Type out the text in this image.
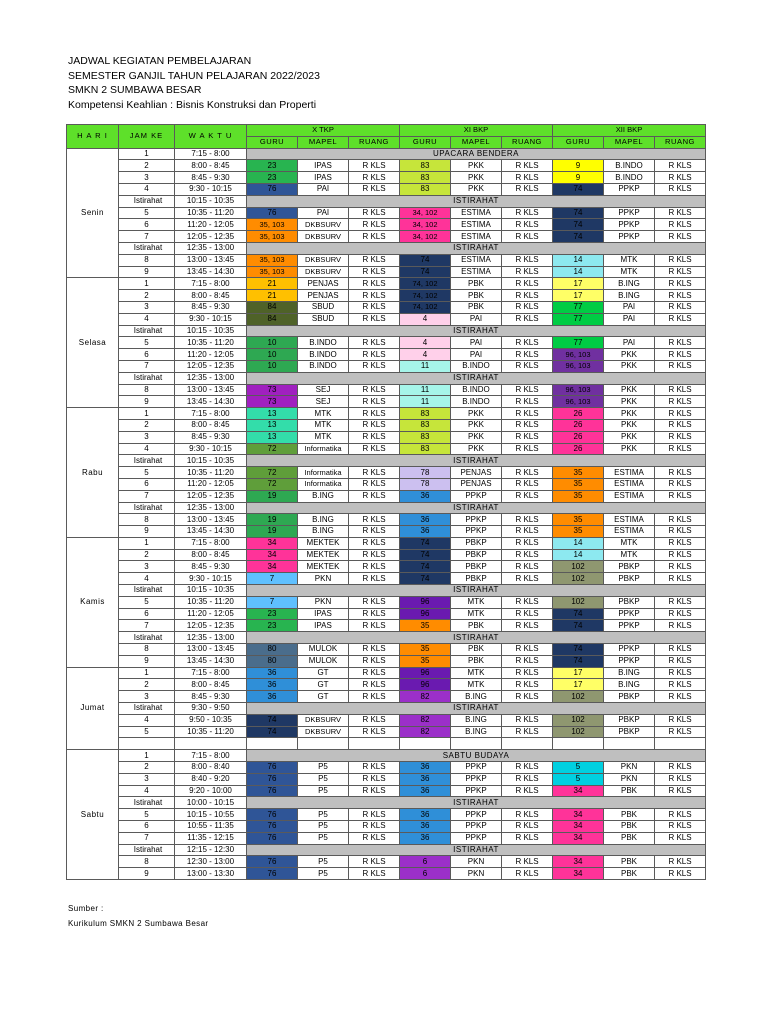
JADWAL KEGIATAN PEMBELAJARAN
SEMESTER GANJIL TAHUN PELAJARAN 2022/2023
SMKN 2 SUMBAWA BESAR
Kompetensi Keahlian : Bisnis Konstruksi dan Properti
H A R I	JAM KE	W A K T U	X TKP			XI BKP			XII BKP		
			GURU	MAPEL	RUANG	GURU	MAPEL	RUANG	GURU	MAPEL	RUANG
Senin	1	7:15 - 8:00	UPACARA BENDERA								
	2	8:00 - 8:45	23	IPAS	R KLS	83	PKK	R KLS	9	B.INDO	R KLS
	3	8:45 - 9:30	23	IPAS	R KLS	83	PKK	R KLS	9	B.INDO	R KLS
	4	9:30 - 10:15	76	PAI	R KLS	83	PKK	R KLS	74	PPKP	R KLS
	Istirahat	10:15 - 10:35	ISTIRAHAT								
	5	10:35 - 11:20	76	PAI	R KLS	34, 102	ESTIMA	R KLS	74	PPKP	R KLS
	6	11:20 - 12:05	35, 103	DKBSURV	R KLS	34, 102	ESTIMA	R KLS	74	PPKP	R KLS
	7	12:05 - 12:35	35, 103	DKBSURV	R KLS	34, 102	ESTIMA	R KLS	74	PPKP	R KLS
	Istirahat	12:35 - 13:00	ISTIRAHAT								
	8	13:00 - 13:45	35, 103	DKBSURV	R KLS	74	ESTIMA	R KLS	14	MTK	R KLS
	9	13:45 - 14:30	35, 103	DKBSURV	R KLS	74	ESTIMA	R KLS	14	MTK	R KLS
Selasa	1	7:15 - 8:00	21	PENJAS	R KLS	74, 102	PBK	R KLS	17	B.ING	R KLS
	2	8:00 - 8:45	21	PENJAS	R KLS	74, 102	PBK	R KLS	17	B.ING	R KLS
	3	8:45 - 9:30	84	SBUD	R KLS	74, 102	PBK	R KLS	77	PAI	R KLS
	4	9:30 - 10:15	84	SBUD	R KLS	4	PAI	R KLS	77	PAI	R KLS
	Istirahat	10:15 - 10:35	ISTIRAHAT								
	5	10:35 - 11:20	10	B.INDO	R KLS	4	PAI	R KLS	77	PAI	R KLS
	6	11:20 - 12:05	10	B.INDO	R KLS	4	PAI	R KLS	96, 103	PKK	R KLS
	7	12:05 - 12:35	10	B.INDO	R KLS	11	B.INDO	R KLS	96, 103	PKK	R KLS
	Istirahat	12:35 - 13:00	ISTIRAHAT								
	8	13:00 - 13:45	73	SEJ	R KLS	11	B.INDO	R KLS	96, 103	PKK	R KLS
	9	13:45 - 14:30	73	SEJ	R KLS	11	B.INDO	R KLS	96, 103	PKK	R KLS
Rabu	1	7:15 - 8:00	13	MTK	R KLS	83	PKK	R KLS	26	PKK	R KLS
	2	8:00 - 8:45	13	MTK	R KLS	83	PKK	R KLS	26	PKK	R KLS
	3	8:45 - 9:30	13	MTK	R KLS	83	PKK	R KLS	26	PKK	R KLS
	4	9:30 - 10:15	72	Informatika	R KLS	83	PKK	R KLS	26	PKK	R KLS
	Istirahat	10:15 - 10:35	ISTIRAHAT								
	5	10:35 - 11:20	72	Informatika	R KLS	78	PENJAS	R KLS	35	ESTIMA	R KLS
	6	11:20 - 12:05	72	Informatika	R KLS	78	PENJAS	R KLS	35	ESTIMA	R KLS
	7	12:05 - 12:35	19	B.ING	R KLS	36	PPKP	R KLS	35	ESTIMA	R KLS
	Istirahat	12:35 - 13:00	ISTIRAHAT								
	8	13:00 - 13:45	19	B.ING	R KLS	36	PPKP	R KLS	35	ESTIMA	R KLS
	9	13:45 - 14:30	19	B.ING	R KLS	36	PPKP	R KLS	35	ESTIMA	R KLS
Kamis	1	7:15 - 8:00	34	MEKTEK	R KLS	74	PBKP	R KLS	14	MTK	R KLS
	2	8:00 - 8:45	34	MEKTEK	R KLS	74	PBKP	R KLS	14	MTK	R KLS
	3	8:45 - 9:30	34	MEKTEK	R KLS	74	PBKP	R KLS	102	PBKP	R KLS
	4	9:30 - 10:15	7	PKN	R KLS	74	PBKP	R KLS	102	PBKP	R KLS
	Istirahat	10:15 - 10:35	ISTIRAHAT								
	5	10:35 - 11:20	7	PKN	R KLS	96	MTK	R KLS	102	PBKP	R KLS
	6	11:20 - 12:05	23	IPAS	R KLS	96	MTK	R KLS	74	PPKP	R KLS
	7	12:05 - 12:35	23	IPAS	R KLS	35	PBK	R KLS	74	PPKP	R KLS
	Istirahat	12:35 - 13:00	ISTIRAHAT								
	8	13:00 - 13:45	80	MULOK	R KLS	35	PBK	R KLS	74	PPKP	R KLS
	9	13:45 - 14:30	80	MULOK	R KLS	35	PBK	R KLS	74	PPKP	R KLS
Jumat	1	7:15 - 8:00	36	GT	R KLS	96	MTK	R KLS	17	B.ING	R KLS
	2	8:00 - 8:45	36	GT	R KLS	96	MTK	R KLS	17	B.ING	R KLS
	3	8:45 - 9:30	36	GT	R KLS	82	B.ING	R KLS	102	PBKP	R KLS
	Istirahat	9:30 - 9:50	ISTIRAHAT								
	4	9:50 - 10:35	74	DKBSURV	R KLS	82	B.ING	R KLS	102	PBKP	R KLS
	5	10:35 - 11:20	74	DKBSURV	R KLS	82	B.ING	R KLS	102	PBKP	R KLS

Sabtu	1	7:15 - 8:00	SABTU BUDAYA								
	2	8:00 - 8:40	76	P5	R KLS	36	PPKP	R KLS	5	PKN	R KLS
	3	8:40 - 9:20	76	P5	R KLS	36	PPKP	R KLS	5	PKN	R KLS
	4	9:20 - 10:00	76	P5	R KLS	36	PPKP	R KLS	34	PBK	R KLS
	Istirahat	10:00 - 10:15	ISTIRAHAT								
	5	10:15 - 10:55	76	P5	R KLS	36	PPKP	R KLS	34	PBK	R KLS
	6	10:55 - 11:35	76	P5	R KLS	36	PPKP	R KLS	34	PBK	R KLS
	7	11:35 - 12:15	76	P5	R KLS	36	PPKP	R KLS	34	PBK	R KLS
	Istirahat	12:15 - 12:30	ISTIRAHAT								
	8	12:30 - 13:00	76	P5	R KLS	6	PKN	R KLS	34	PBK	R KLS
	9	13:00 - 13:30	76	P5	R KLS	6	PKN	R KLS	34	PBK	R KLS
Sumber :
Kurikulum SMKN 2 Sumbawa Besar
